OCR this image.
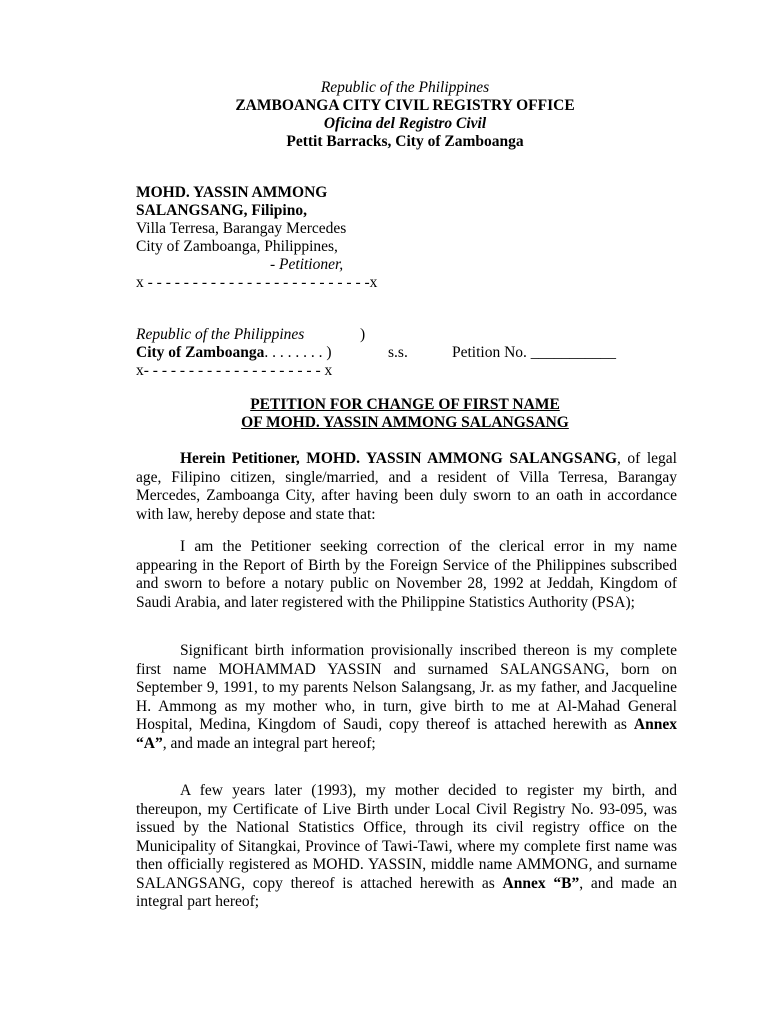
Republic of the Philippines
ZAMBOANGA CITY CIVIL REGISTRY OFFICE
Oficina del Registro Civil
Pettit Barracks, City of Zamboanga
MOHD. YASSIN AMMONG
SALANGSANG, Filipino,
Villa Terresa, Barangay Mercedes
City of Zamboanga, Philippines,
- Petitioner,
x - - - - - - - - - - - - - - - - - - - - - - - - -x
Republic of the Philippines	)
City of Zamboanga. . . . . . . . )	s.s.	Petition No. ___________
x- - - - - - - - - - - - - - - - - - - - x
PETITION FOR CHANGE OF FIRST NAME
OF MOHD. YASSIN AMMONG SALANGSANG

Herein Petitioner, MOHD. YASSIN AMMONG SALANGSANG, of legal age, Filipino citizen, single/married, and a resident of Villa Terresa, Barangay Mercedes, Zamboanga City, after having been duly sworn to an oath in accordance with law, hereby depose and state that:

I am the Petitioner seeking correction of the clerical error in my name appearing in the Report of Birth by the Foreign Service of the Philippines subscribed and sworn to before a notary public on November 28, 1992 at Jeddah, Kingdom of Saudi Arabia, and later registered with the Philippine Statistics Authority (PSA);

Significant birth information provisionally inscribed thereon is my complete first name MOHAMMAD YASSIN and surnamed SALANGSANG, born on September 9, 1991, to my parents Nelson Salangsang, Jr. as my father, and Jacqueline H. Ammong as my mother who, in turn, give birth to me at Al-Mahad General Hospital, Medina, Kingdom of Saudi, copy thereof is attached herewith as Annex “A”, and made an integral part hereof;

A few years later (1993), my mother decided to register my birth, and thereupon, my Certificate of Live Birth under Local Civil Registry No. 93-095, was issued by the National Statistics Office, through its civil registry office on the Municipality of Sitangkai, Province of Tawi-Tawi, where my complete first name was then officially registered as MOHD. YASSIN, middle name AMMONG, and surname SALANGSANG, copy thereof is attached herewith as Annex “B”, and made an integral part hereof;
